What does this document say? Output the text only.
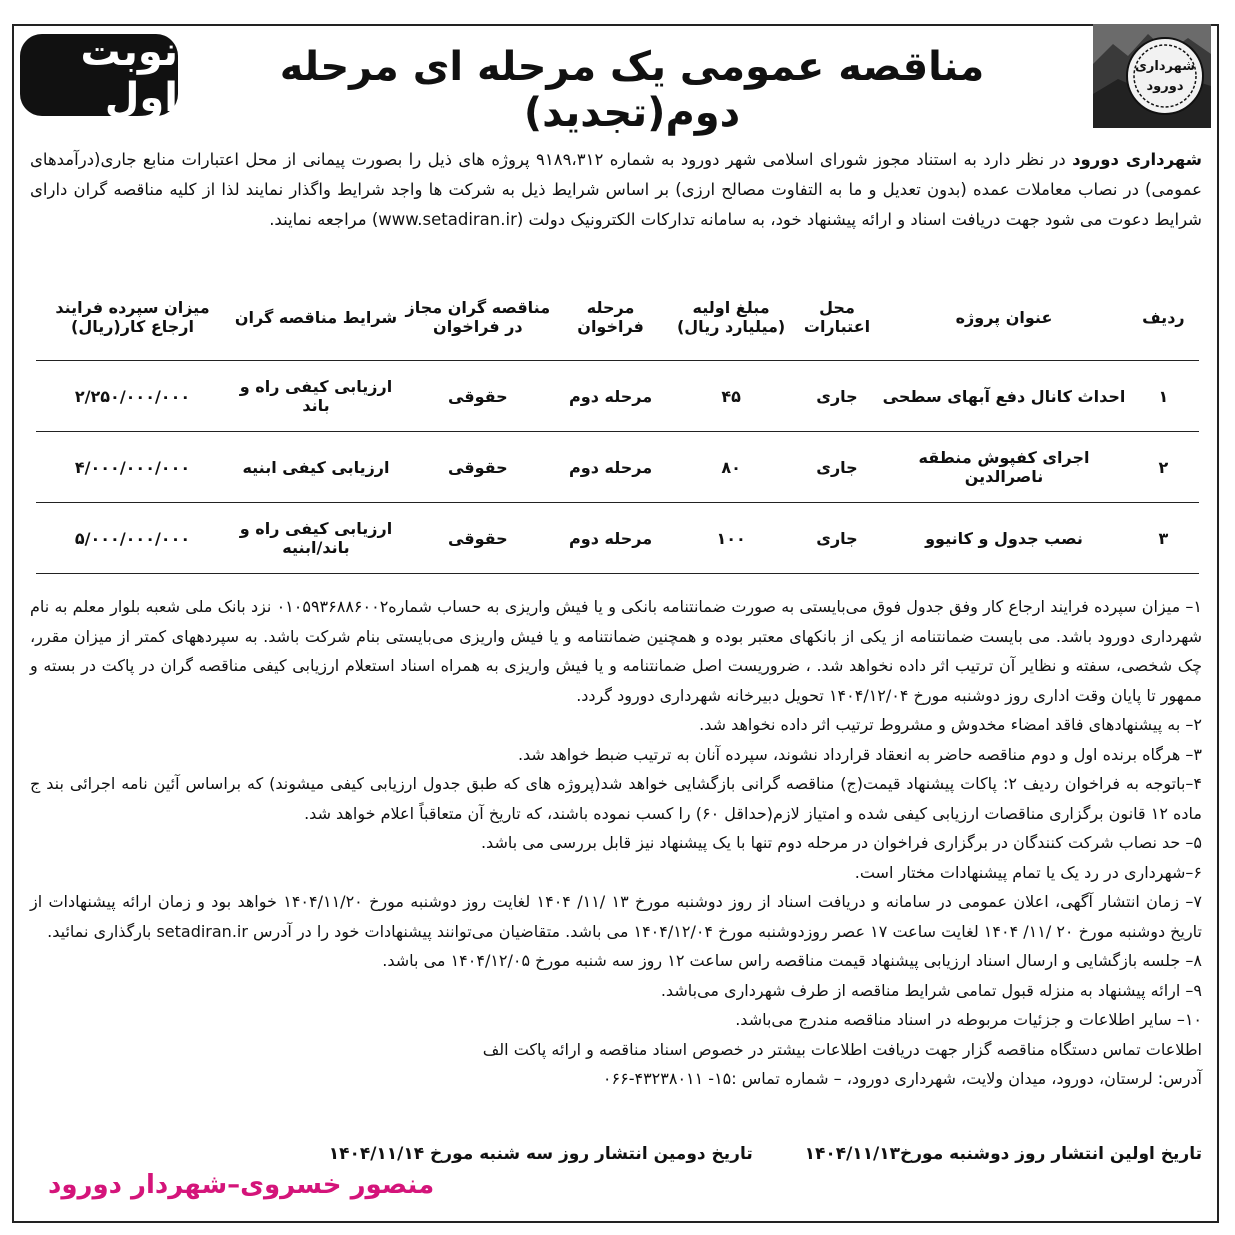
نوبت اول
مناقصه عمومی یک مرحله ای مرحله دوم(تجدید)
شهرداری
دورود
شهرداری دورود در نظر دارد به استناد مجوز شورای اسلامی شهر دورود به شماره ۹۱۸۹،۳۱۲ پروژه های ذیل را بصورت پیمانی از محل اعتبارات منابع جاری(درآمدهای عمومی) در نصاب معاملات عمده (بدون تعدیل و ما به التفاوت مصالح ارزی) بر اساس شرایط ذیل به شرکت ها واجد شرایط واگذار نمایند لذا از کلیه مناقصه گران دارای شرایط دعوت می شود جهت دریافت اسناد و ارائه پیشنهاد خود، به سامانه تدارکات الکترونیک دولت (www.setadiran.ir) مراجعه نمایند.
ردیف	عنوان پروژه	محل اعتبارات	مبلغ اولیه (میلیارد ریال)	مرحله فراخوان	مناقصه گران مجاز در فراخوان	شرایط مناقصه گران	میزان سپرده فرایند ارجاع کار(ریال)
۱	احداث کانال دفع آبهای سطحی	جاری	۴۵	مرحله دوم	حقوقی	ارزیابی کیفی راه و باند	۲/۲۵۰/۰۰۰/۰۰۰
۲	اجرای کفپوش منطقه ناصرالدین	جاری	۸۰	مرحله دوم	حقوقی	ارزیابی کیفی ابنیه	۴/۰۰۰/۰۰۰/۰۰۰
۳	نصب جدول و کانیوو	جاری	۱۰۰	مرحله دوم	حقوقی	ارزیابی کیفی راه و باند/ابنیه	۵/۰۰۰/۰۰۰/۰۰۰

۱– میزان سپرده فرایند ارجاع کار وفق جدول فوق می‌بایستی به صورت ضمانتنامه بانکی و یا فیش واریزی به حساب شماره۰۱۰۵۹۳۶۸۸۶۰۰۲ نزد بانک ملی شعبه بلوار معلم به نام شهرداری دورود باشد. می بایست ضمانتنامه از یکی از بانکهای معتبر بوده و همچنین ضمانتنامه و یا فیش واریزی می‌بایستی بنام شرکت باشد. به سپردههای کمتر از میزان مقرر، چک شخصی، سفته و نظایر آن ترتیب اثر داده نخواهد شد. ، ضروریست اصل ضمانتنامه و یا فیش واریزی به همراه اسناد استعلام ارزیابی کیفی مناقصه گران در پاکت در بسته و ممهور تا پایان وقت اداری روز دوشنبه مورخ ۱۴۰۴/۱۲/۰۴ تحویل دبیرخانه شهرداری دورود گردد.

۲– به پیشنهادهای فاقد امضاء مخدوش و مشروط ترتیب اثر داده نخواهد شد.

۳– هرگاه برنده اول و دوم مناقصه حاضر به انعقاد قرارداد نشوند، سپرده آنان به ترتیب ضبط خواهد شد.

۴–باتوجه به فراخوان ردیف ۲: پاکات پیشنهاد قیمت(ج) مناقصه گرانی بازگشایی خواهد شد(پروژه های که طبق جدول ارزیابی کیفی میشوند) که براساس آئین نامه اجرائی بند ج ماده ۱۲ قانون برگزاری مناقصات ارزیابی کیفی شده و امتیاز لازم(حداقل ۶۰) را کسب نموده باشند، که تاریخ آن متعاقباً اعلام خواهد شد.

۵– حد نصاب شرکت کنندگان در برگزاری فراخوان در مرحله دوم تنها با یک پیشنهاد نیز قابل بررسی می باشد.

۶–شهرداری در رد یک یا تمام پیشنهادات مختار است.

۷– زمان انتشار آگهی، اعلان عمومی در سامانه و دریافت اسناد از روز دوشنبه مورخ ۱۳ /۱۱/ ۱۴۰۴ لغایت روز دوشنبه مورخ ۱۴۰۴/۱۱/۲۰ خواهد بود و زمان ارائه پیشنهادات از تاریخ دوشنبه مورخ ۲۰ /۱۱/ ۱۴۰۴ لغایت ساعت ۱۷ عصر روزدوشنبه مورخ ۱۴۰۴/۱۲/۰۴ می باشد. متقاضیان می‌توانند پیشنهادات خود را در آدرس setadiran.ir بارگذاری نمائید.

۸– جلسه بازگشایی و ارسال اسناد ارزیابی پیشنهاد قیمت مناقصه راس ساعت ۱۲ روز سه شنبه مورخ ۱۴۰۴/۱۲/۰۵ می باشد.

۹– ارائه پیشنهاد به منزله قبول تمامی شرایط مناقصه از طرف شهرداری می‌باشد.

۱۰– سایر اطلاعات و جزئیات مربوطه در اسناد مناقصه مندرج می‌باشد.

اطلاعات تماس دستگاه مناقصه گزار جهت دریافت اطلاعات بیشتر در خصوص اسناد مناقصه و ارائه پاکت الف

آدرس: لرستان، دورود، میدان ولایت، شهرداری دورود، – شماره تماس :۱۵- ۴۳۲۳۸۰۱۱-۰۶۶

تاریخ اولین انتشار روز دوشنبه مورخ۱۴۰۴/۱۱/۱۳  تاریخ دومین انتشار روز سه شنبه مورخ ۱۴۰۴/۱۱/۱۴
منصور خسروی–شهردار دورود
